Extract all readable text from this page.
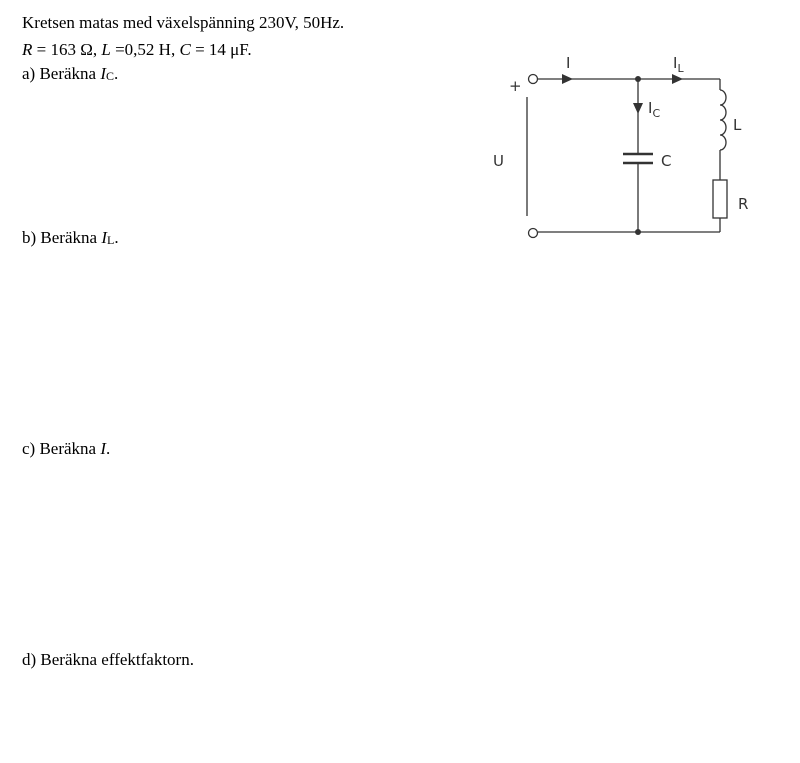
Kretsen matas med växelspänning 230V, 50Hz.

R = 163 Ω, L =0,52 H, C = 14 μF.

a) Beräkna $I_C$.

b) Beräkna $I_L$.

c) Beräkna I.

d) Beräkna effektfaktorn.

+
U
I	$I_L$
$I_C$
C
L
R
